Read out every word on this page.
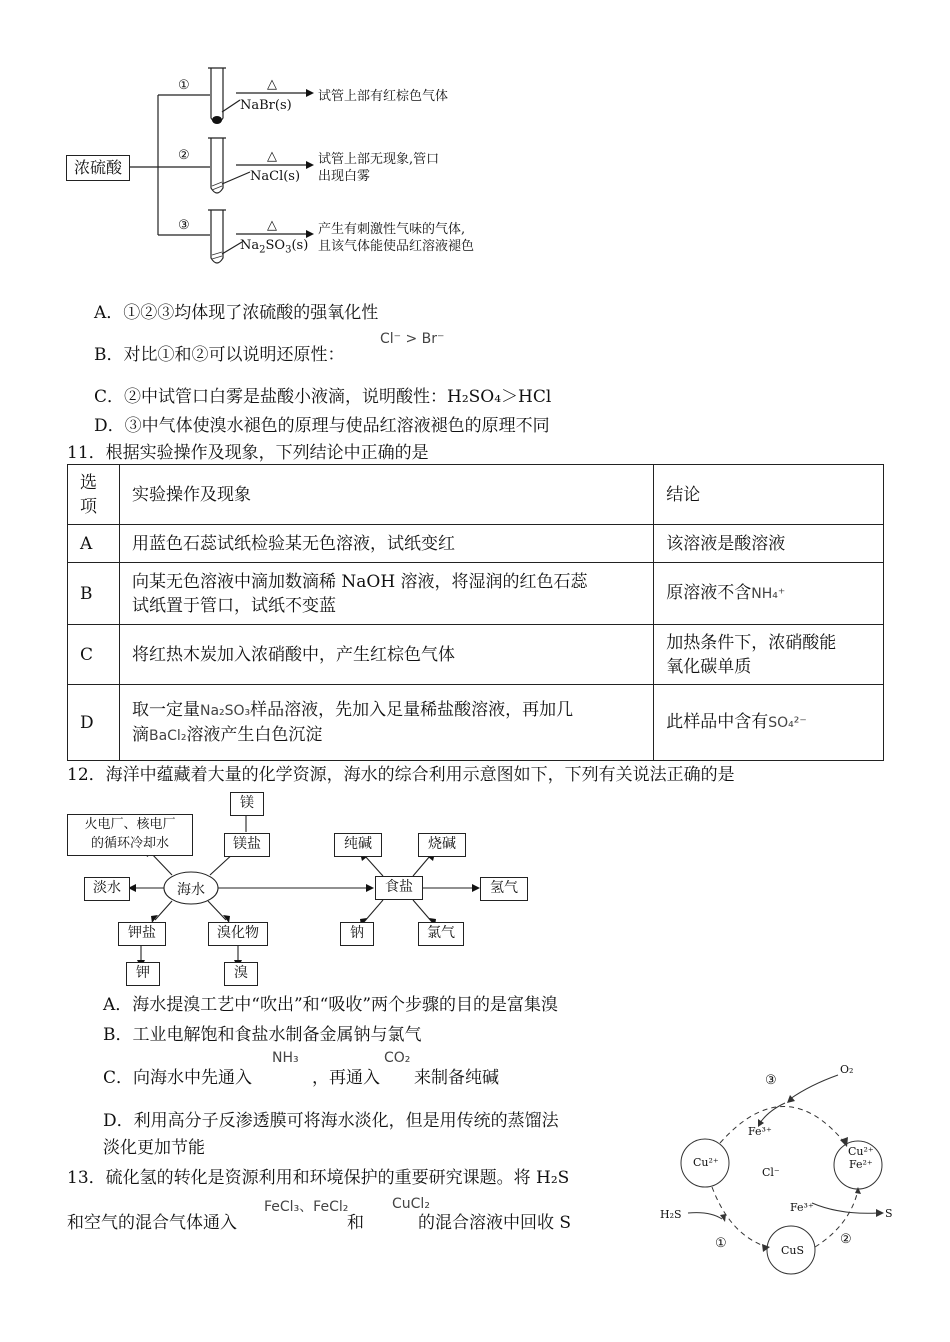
浓硫酸
①
②
③
△
△
△
NaBr(s)
NaCl(s)
$Na_2SO_3(s)$
试管上部有红棕色气体
试管上部无现象,管口
出现白雾
产生有刺激性气味的气体,
且该气体能使品红溶液褪色
A．①②③均体现了浓硫酸的强氧化性
B．对比①和②可以说明还原性：
Cl⁻ > Br⁻
C．②中试管口白雾是盐酸小液滴，说明酸性：H₂SO₄＞HCl
D．③中气体使溴水褪色的原理与使品红溶液褪色的原理不同
11．根据实验操作及现象，下列结论中正确的是
选
项	实验操作及现象	结论
A	用蓝色石蕊试纸检验某无色溶液，试纸变红	该溶液是酸溶液
B	向某无色溶液中滴加数滴稀 NaOH 溶液，将湿润的红色石蕊
试纸置于管口，试纸不变蓝	原溶液不含NH₄⁺
C	将红热木炭加入浓硝酸中，产生红棕色气体	加热条件下，浓硝酸能
氧化碳单质

D	取一定量Na₂SO₃样品溶液，先加入足量稀盐酸溶液，再加几
滴BaCl₂溶液产生白色沉淀	此样品中含有SO₄²⁻
12．海洋中蕴藏着大量的化学资源，海水的综合利用示意图如下，下列有关说法正确的是
海水
火电厂、核电厂
的循环冷却水
淡水
镁盐
镁
钾盐
钾
溴化物
溴
食盐
纯碱	烧碱
氢气
钠	氯气
A．海水提溴工艺中“吹出”和“吸收”两个步骤的目的是富集溴
B．工业电解饱和食盐水制备金属钠与氯气
C．向海水中先通入	，再通入 来制备纯碱
NH₃	CO₂
D．利用高分子反渗透膜可将海水淡化，但是用传统的蒸馏法
淡化更加节能
13．硫化氢的转化是资源利用和环境保护的重要研究课题。将 H₂S
和空气的混合气体通入	和	的混合溶液中回收 S
FeCl₃、FeCl₂	CuCl₂
O₂
③
Fe³⁺
Cu²⁺
Cl⁻
Cu²⁺
Fe²⁺
Fe³⁺
H₂S	S
①	②
CuS
